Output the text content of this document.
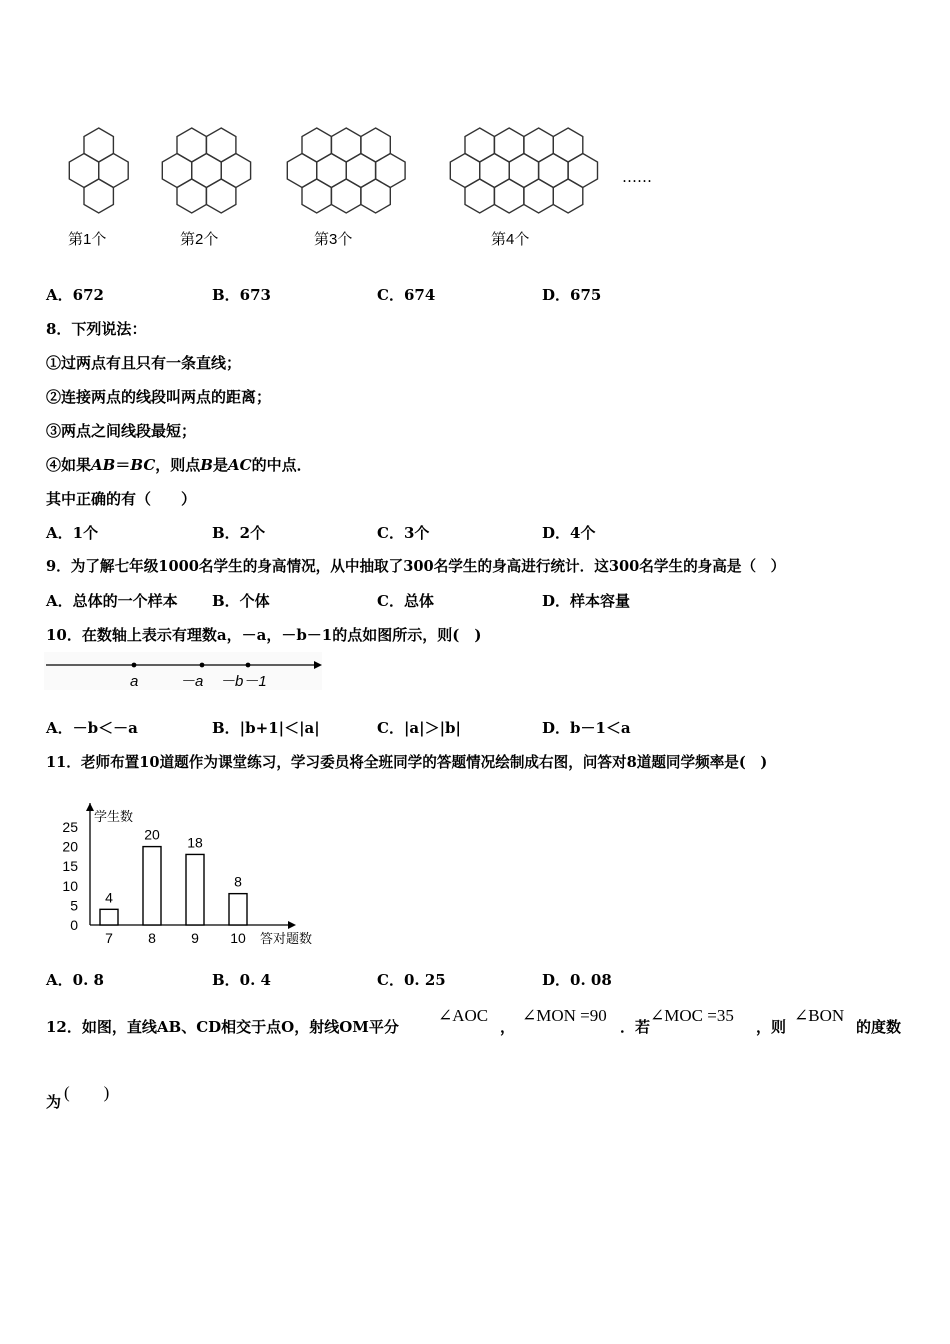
第1个	第2个	第3个	第4个
……
A．672	B．673	C．674	D．675
8．下列说法：
①过两点有且只有一条直线；
②连接两点的线段叫两点的距离；
③两点之间线段最短；
④如果AB＝BC，则点B是AC的中点．
其中正确的有（　　）
A．1个	B．2个	C．3个	D．4个
9．为了解七年级1000名学生的身高情况，从中抽取了300名学生的身高进行统计．这300名学生的身高是（　）
A．总体的一个样本 B．个体	C．总体	D．样本容量
10．在数轴上表示有理数a，－a，－b－1的点如图所示，则(　)
a	－a －b－1
A．－b＜－a	B．|b+1|＜|a|	C．|a|＞|b|	D．b－1＜a
11．老师布置10道题作为课堂练习，学习委员将全班同学的答题情况绘制成右图，问答对8道题同学频率是(　)
学生数
答对题数
0
5
10
15
20
25
4
7
20
8
18
9
8
10
A．0. 8	B．0. 4	C．0. 25	D．0. 08
12．如图，直线AB、CD相交于点O，射线OM平分
∠AOC
，
∠MON =90
．若
∠MOC =35
，则
∠BON
的度数
为 (　　)
